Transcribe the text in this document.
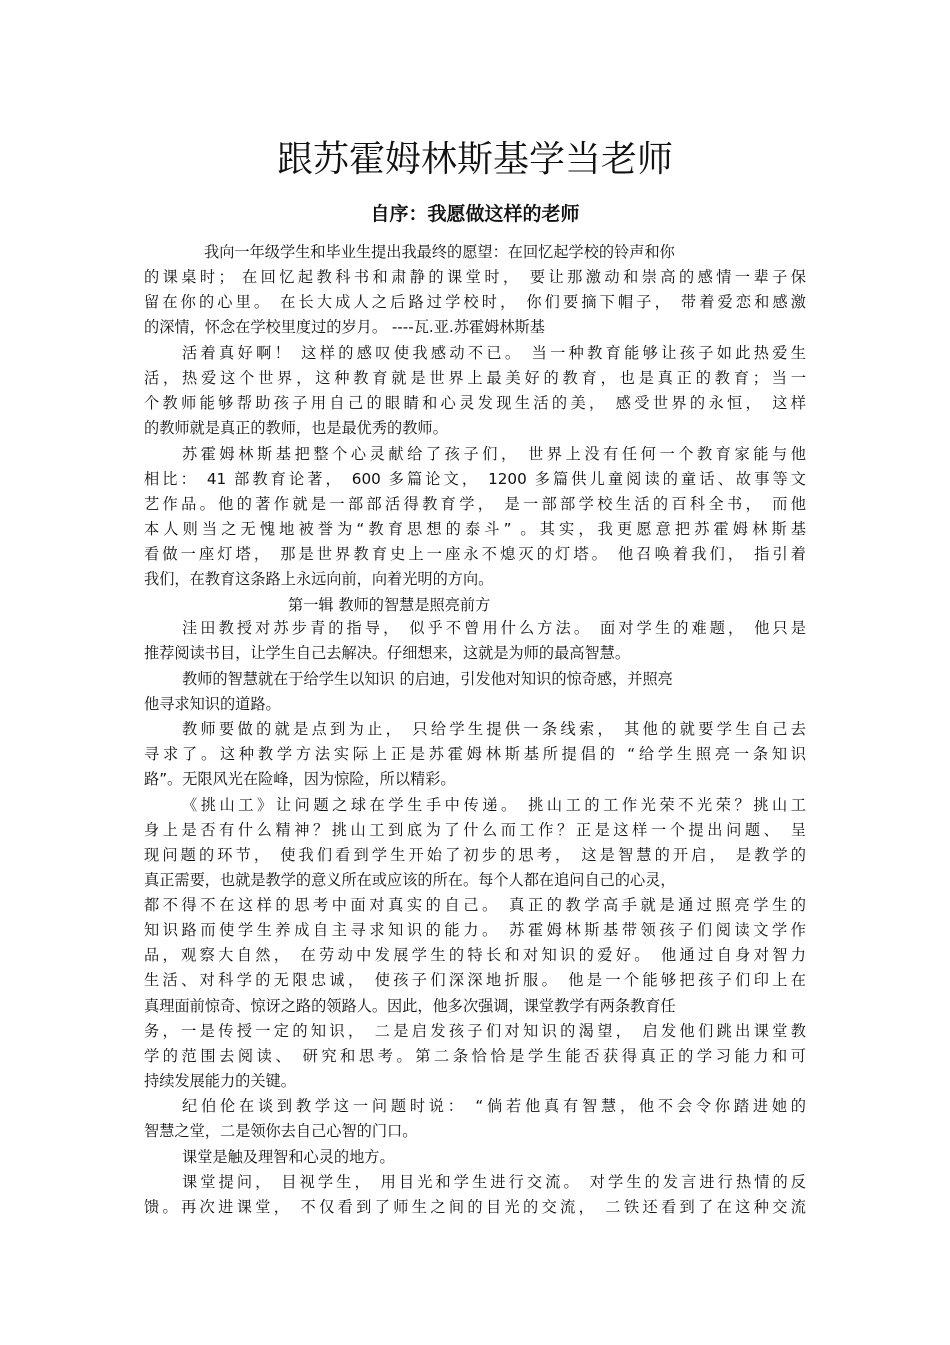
跟苏霍姆林斯基学当老师
自序：我愿做这样的老师
我向一年级学生和毕业生提出我最终的愿望：在回忆起学校的铃声和你
的课桌时； 在回忆起教科书和肃静的课堂时， 要让那激动和崇高的感情一辈子保
留在你的心里。 在长大成人之后路过学校时， 你们要摘下帽子， 带着爱恋和感激
的深情，怀念在学校里度过的岁月。 ----瓦.亚.苏霍姆林斯基
活着真好啊！ 这样的感叹使我感动不已。 当一种教育能够让孩子如此热爱生
活，热爱这个世界，这种教育就是世界上最美好的教育，也是真正的教育；当一
个教师能够帮助孩子用自己的眼睛和心灵发现生活的美， 感受世界的永恒， 这样
的教师就是真正的教师，也是最优秀的教师。
苏霍姆林斯基把整个心灵献给了孩子们， 世界上没有任何一个教育家能与他
相比： 41 部教育论著， 600 多篇论文， 1200 多篇供儿童阅读的童话、故事等文
艺作品。他的著作就是一部部活得教育学， 是一部部学校生活的百科全书， 而他
本人则当之无愧地被誉为“教育思想的泰斗” 。其实，我更愿意把苏霍姆林斯基
看做一座灯塔， 那是世界教育史上一座永不熄灭的灯塔。 他召唤着我们， 指引着
我们，在教育这条路上永远向前，向着光明的方向。
洼田教授对苏步青的指导， 似乎不曾用什么方法。 面对学生的难题， 他只是
推荐阅读书目，让学生自己去解决。仔细想来，这就是为师的最高智慧。
教师的智慧就在于给学生以知识 的启迪，引发他对知识的惊奇感，并照亮
他寻求知识的道路。
教师要做的就是点到为止， 只给学生提供一条线索， 其他的就要学生自己去
寻求了。这种教学方法实际上正是苏霍姆林斯基所提倡的 “给学生照亮一条知识
路”。无限风光在险峰，因为惊险，所以精彩。
《挑山工》让问题之球在学生手中传递。 挑山工的工作光荣不光荣？挑山工
身上是否有什么精神？挑山工到底为了什么而工作？正是这样一个提出问题、 呈
现问题的环节， 使我们看到学生开始了初步的思考， 这是智慧的开启， 是教学的
真正需要，也就是教学的意义所在或应该的所在。每个人都在追问自己的心灵，
都不得不在这样的思考中面对真实的自己。 真正的教学高手就是通过照亮学生的
知识路而使学生养成自主寻求知识的能力。 苏霍姆林斯基带领孩子们阅读文学作
品，观察大自然， 在劳动中发展学生的特长和对知识的爱好。 他通过自身对智力
生活、对科学的无限忠诚， 使孩子们深深地折服。 他是一个能够把孩子们印上在
真理面前惊奇、惊讶之路的领路人。因此，他多次强调，课堂教学有两条教育任
务，一是传授一定的知识， 二是启发孩子们对知识的渴望， 启发他们跳出课堂教
学的范围去阅读、 研究和思考。第二条恰恰是学生能否获得真正的学习能力和可
持续发展能力的关键。
纪伯伦在谈到教学这一问题时说： “倘若他真有智慧，他不会令你踏进她的
智慧之堂，二是领你去自己心智的门口。
课堂是触及理智和心灵的地方。
课堂提问， 目视学生， 用目光和学生进行交流。 对学生的发言进行热情的反
馈。再次进课堂， 不仅看到了师生之间的目光的交流， 二铁还看到了在这种交流
第一辑 教师的智慧是照亮前方
